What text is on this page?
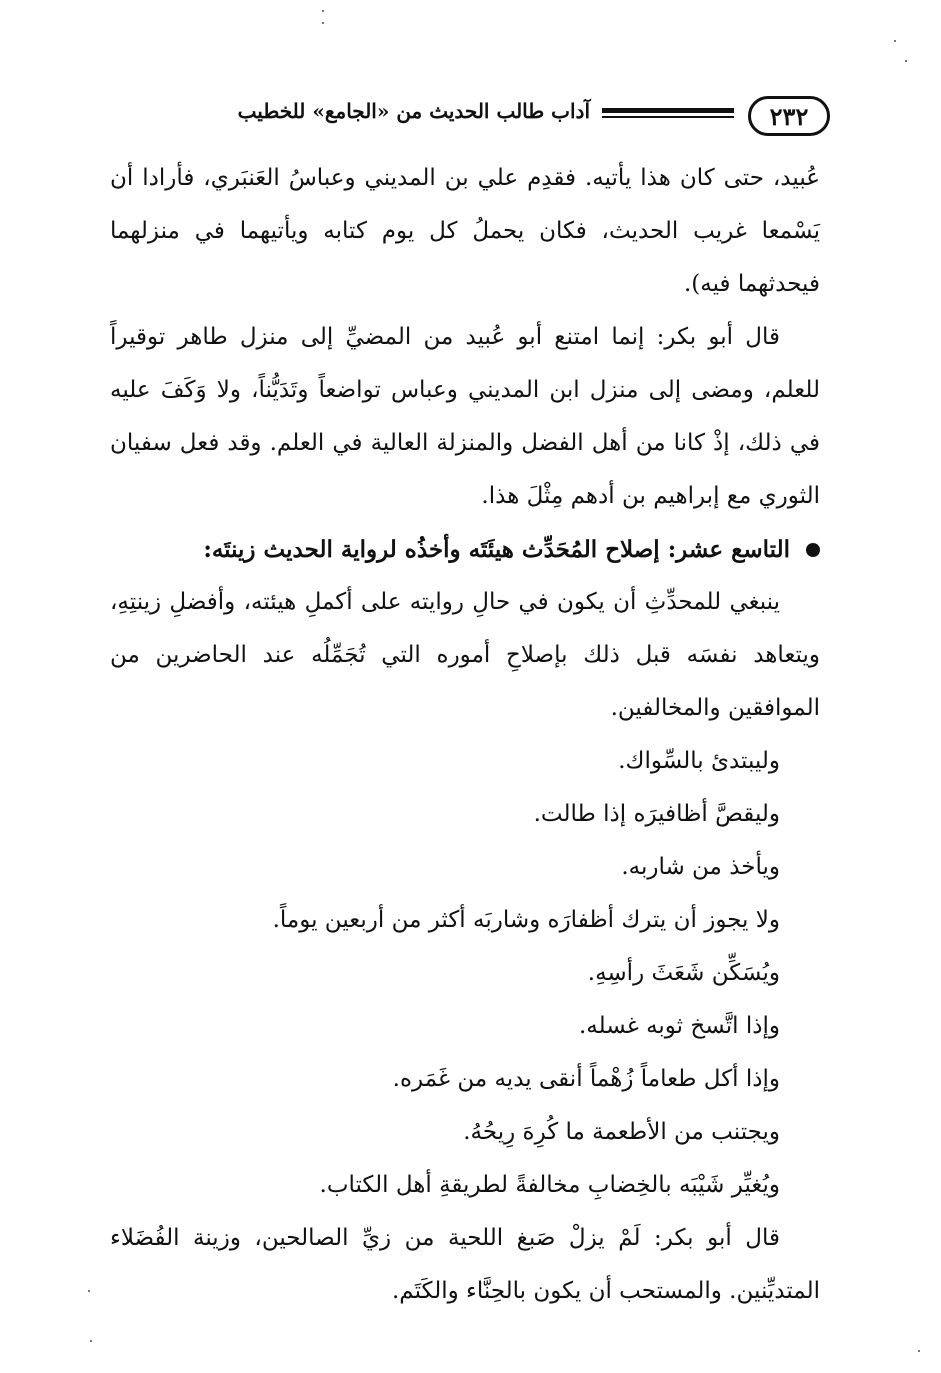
٢٣٢
آداب طالب الحديث من «الجامع» للخطيب

عُبيد، حتى كان هذا يأتيه. فقدِم علي بن المديني وعباسُ العَنبَري، فأرادا أن يَسْمعا غريب الحديث، فكان يحملُ كل يوم كتابه ويأتيهما في منزلهما فيحدثهما فيه).

قال أبو بكر: إنما امتنع أبو عُبيد من المضيِّ إلى منزل طاهر توقيراً للعلم، ومضى إلى منزل ابن المديني وعباس تواضعاً وتَدَيُّناً، ولا وَكَفَ عليه في ذلك، إذْ كانا من أهل الفضل والمنزلة العالية في العلم. وقد فعل سفيان الثوري مع إبراهيم بن أدهم مِثْلَ هذا.

التاسع عشر: إصلاح المُحَدِّث هيئَتَه وأخذُه لرواية الحديث زينتَه:

ينبغي للمحدِّثِ أن يكون في حالِ روايته على أكملِ هيئته، وأفضلِ زينتِهِ، ويتعاهد نفسَه قبل ذلك بإصلاحِ أموره التي تُجَمِّلُه عند الحاضرين من الموافقين والمخالفين.

وليبتدئ بالسِّواك.

وليقصَّ أظافيرَه إذا طالت.

ويأخذ من شاربه.

ولا يجوز أن يترك أظفارَه وشاربَه أكثر من أربعين يوماً.

ويُسَكِّن شَعَثَ رأسِهِ.

وإذا اتَّسخ ثوبه غسله.

وإذا أكل طعاماً زُهْماً أنقى يديه من غَمَره.

ويجتنب من الأطعمة ما كُرِهَ رِيحُهُ.

ويُغيِّر شَيْبَه بالخِضابِ مخالفةً لطريقةِ أهل الكتاب.

قال أبو بكر: لَمْ يزلْ صَبغ اللحية من زيِّ الصالحين، وزينة الفُضَلاء المتديِّنين. والمستحب أن يكون بالحِنَّاء والكَتَم.
